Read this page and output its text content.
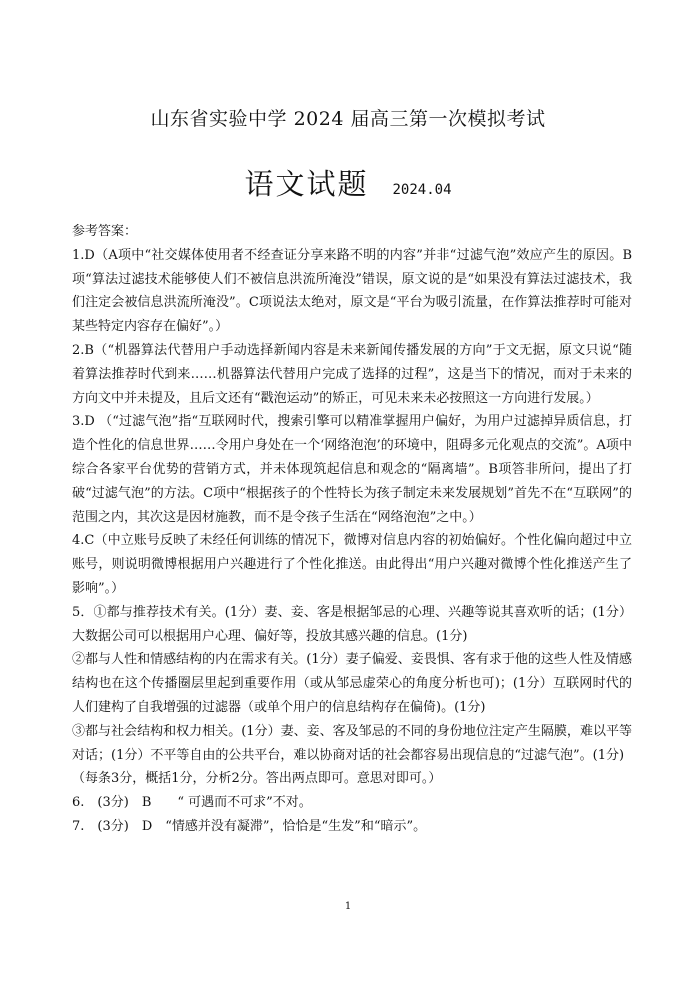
山东省实验中学 2024 届高三第一次模拟考试
语文试题 2024.04

参考答案：

1.D（A项中“社交媒体使用者不经查证分享来路不明的内容”并非“过滤气泡”效应产生的原因。B项“算法过滤技术能够使人们不被信息洪流所淹没”错误，原文说的是“如果没有算法过滤技术，我们注定会被信息洪流所淹没”。C项说法太绝对，原文是“平台为吸引流量，在作算法推荐时可能对某些特定内容存在偏好”。）

2.B（“机器算法代替用户手动选择新闻内容是未来新闻传播发展的方向”于文无据，原文只说“随着算法推荐时代到来……机器算法代替用户完成了选择的过程”，这是当下的情况，而对于未来的方向文中并未提及，且后文还有“戳泡运动”的矫正，可见未来未必按照这一方向进行发展。）

3.D （“过滤气泡”指“互联网时代，搜索引擎可以精准掌握用户偏好，为用户过滤掉异质信息，打造个性化的信息世界……令用户身处在一个‘网络泡泡’的环境中，阻碍多元化观点的交流”。A项中综合各家平台优势的营销方式，并未体现筑起信息和观念的“隔离墙”。B项答非所问，提出了打破“过滤气泡”的方法。C项中“根据孩子的个性特长为孩子制定未来发展规划”首先不在“互联网”的范围之内，其次这是因材施教，而不是令孩子生活在“网络泡泡”之中。）

4.C（中立账号反映了未经任何训练的情况下，微博对信息内容的初始偏好。个性化偏向超过中立账号，则说明微博根据用户兴趣进行了个性化推送。由此得出“用户兴趣对微博个性化推送产生了影响”。）

5．①都与推荐技术有关。(1分）妻、妾、客是根据邹忌的心理、兴趣等说其喜欢听的话；(1分）大数据公司可以根据用户心理、偏好等，投放其感兴趣的信息。(1分)

②都与人性和情感结构的内在需求有关。(1分）妻子偏爱、妾畏惧、客有求于他的这些人性及情感结构也在这个传播圈层里起到重要作用（或从邹忌虚荣心的角度分析也可)；(1分）互联网时代的人们建构了自我增强的过滤器（或单个用户的信息结构存在偏倚)。(1分)

③都与社会结构和权力相关。(1分）妻、妾、客及邹忌的不同的身份地位注定产生隔膜，难以平等对话；(1分）不平等自由的公共平台，难以协商对话的社会都容易出现信息的“过滤气泡”。(1分)

（每条3分，概括1分，分析2分。答出两点即可。意思对即可。）

6.　(3分)　B　　“ 可遇而不可求”不对。

7.　(3分)　D　“情感并没有凝滞”，恰恰是“生发”和“暗示”。

1
